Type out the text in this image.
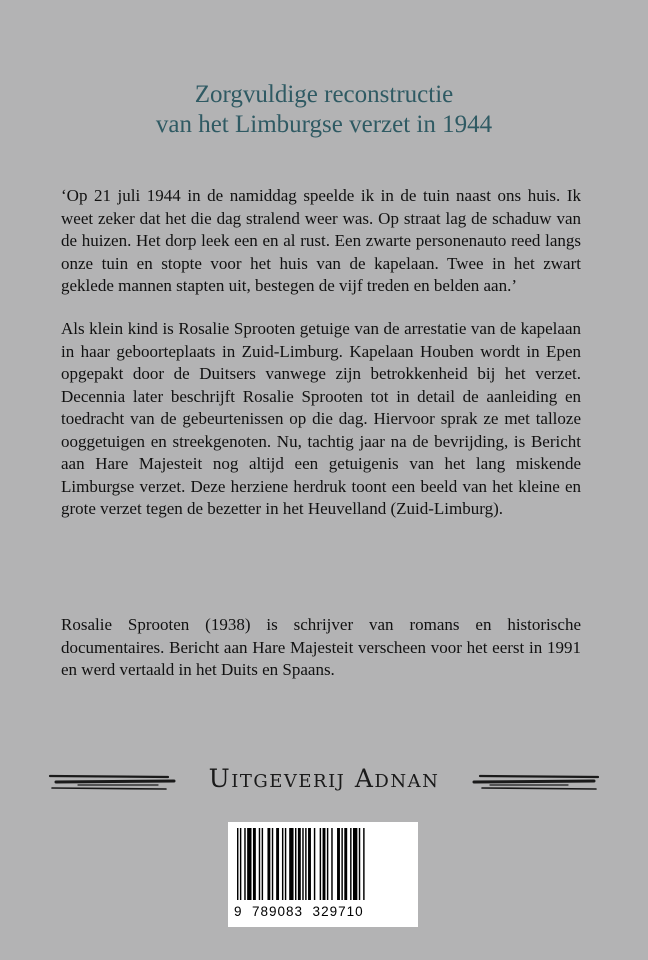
Zorgvuldige reconstructie
van het Limburgse verzet in 1944

‘Op 21 juli 1944 in de namiddag speelde ik in de tuin naast ons huis. Ik weet zeker dat het die dag stralend weer was. Op straat lag de schaduw van de huizen. Het dorp leek een en al rust. Een zwarte personenauto reed langs onze tuin en stopte voor het huis van de kapelaan. Twee in het zwart geklede mannen stapten uit, bestegen de vijf treden en belden aan.’

Als klein kind is Rosalie Sprooten getuige van de arrestatie van de kapelaan in haar geboorteplaats in Zuid-Limburg. Kapelaan Houben wordt in Epen opgepakt door de Duitsers vanwege zijn betrokkenheid bij het verzet. Decennia later beschrijft Rosalie Sprooten tot in detail de aanleiding en toedracht van de gebeurtenissen op die dag. Hiervoor sprak ze met talloze ooggetuigen en streekgenoten. Nu, tachtig jaar na de bevrijding, is Bericht aan Hare Majesteit nog altijd een getuigenis van het lang miskende Limburgse verzet. Deze herziene herdruk toont een beeld van het kleine en grote verzet tegen de bezetter in het Heuvelland (Zuid-Limburg).

Rosalie Sprooten (1938) is schrijver van romans en historische documentaires. Bericht aan Hare Majesteit verscheen voor het eerst in 1991 en werd vertaald in het Duits en Spaans.

Uitgeverij Adnan
9  789083  329710
